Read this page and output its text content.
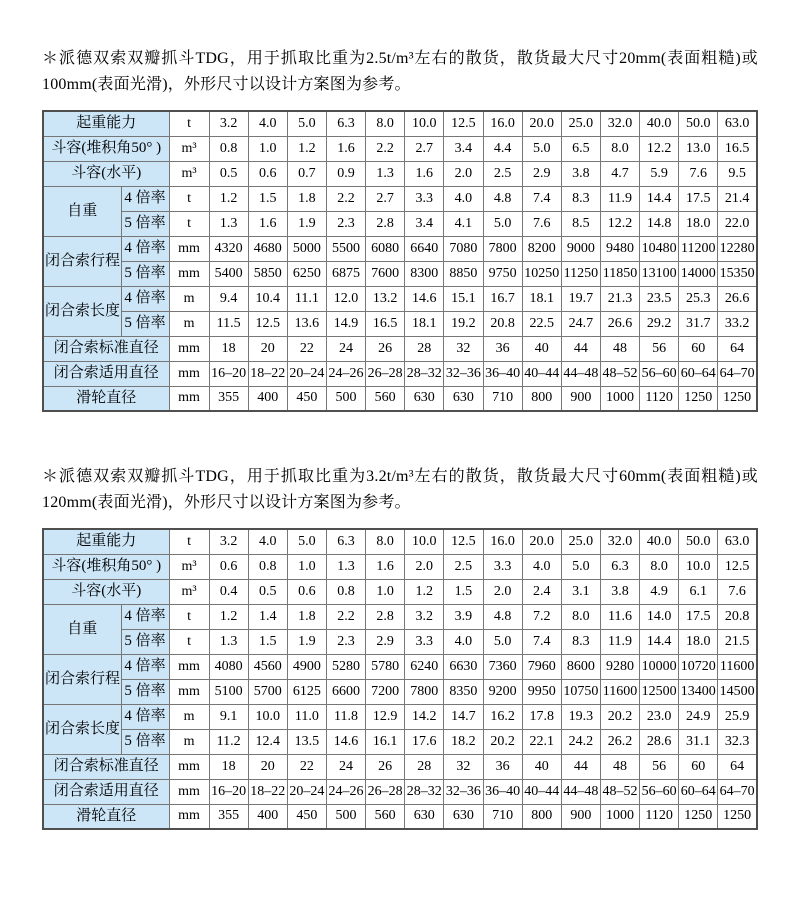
＊派德双索双瓣抓斗TDG，用于抓取比重为2.5t/m³左右的散货，散货最大尺寸20mm(表面粗糙)或100mm(表面光滑)，外形尺寸以设计方案图为参考。

起重能力		t	3.2	4.0	5.0	6.3	8.0	10.0	12.5	16.0	20.0	25.0	32.0	40.0	50.0	63.0
斗容(堆积角50° )		m³	0.8	1.0	1.2	1.6	2.2	2.7	3.4	4.4	5.0	6.5	8.0	12.2	13.0	16.5
斗容(水平)		m³	0.5	0.6	0.7	0.9	1.3	1.6	2.0	2.5	2.9	3.8	4.7	5.9	7.6	9.5
自重	4 倍率	t	1.2	1.5	1.8	2.2	2.7	3.3	4.0	4.8	7.4	8.3	11.9	14.4	17.5	21.4
	5 倍率	t	1.3	1.6	1.9	2.3	2.8	3.4	4.1	5.0	7.6	8.5	12.2	14.8	18.0	22.0
闭合索行程	4 倍率	mm	4320	4680	5000	5500	6080	6640	7080	7800	8200	9000	9480	10480	11200	12280
	5 倍率	mm	5400	5850	6250	6875	7600	8300	8850	9750	10250	11250	11850	13100	14000	15350
闭合索长度	4 倍率	m	9.4	10.4	11.1	12.0	13.2	14.6	15.1	16.7	18.1	19.7	21.3	23.5	25.3	26.6
	5 倍率	m	11.5	12.5	13.6	14.9	16.5	18.1	19.2	20.8	22.5	24.7	26.6	29.2	31.7	33.2
闭合索标准直径		mm	18	20	22	24	26	28	32	36	40	44	48	56	60	64
闭合索适用直径		mm	16–20	18–22	20–24	24–26	26–28	28–32	32–36	36–40	40–44	44–48	48–52	56–60	60–64	64–70
滑轮直径		mm	355	400	450	500	560	630	630	710	800	900	1000	1120	1250	1250

＊派德双索双瓣抓斗TDG，用于抓取比重为3.2t/m³左右的散货，散货最大尺寸60mm(表面粗糙)或120mm(表面光滑)，外形尺寸以设计方案图为参考。

起重能力		t	3.2	4.0	5.0	6.3	8.0	10.0	12.5	16.0	20.0	25.0	32.0	40.0	50.0	63.0
斗容(堆积角50° )		m³	0.6	0.8	1.0	1.3	1.6	2.0	2.5	3.3	4.0	5.0	6.3	8.0	10.0	12.5
斗容(水平)		m³	0.4	0.5	0.6	0.8	1.0	1.2	1.5	2.0	2.4	3.1	3.8	4.9	6.1	7.6
自重	4 倍率	t	1.2	1.4	1.8	2.2	2.8	3.2	3.9	4.8	7.2	8.0	11.6	14.0	17.5	20.8
	5 倍率	t	1.3	1.5	1.9	2.3	2.9	3.3	4.0	5.0	7.4	8.3	11.9	14.4	18.0	21.5
闭合索行程	4 倍率	mm	4080	4560	4900	5280	5780	6240	6630	7360	7960	8600	9280	10000	10720	11600
	5 倍率	mm	5100	5700	6125	6600	7200	7800	8350	9200	9950	10750	11600	12500	13400	14500
闭合索长度	4 倍率	m	9.1	10.0	11.0	11.8	12.9	14.2	14.7	16.2	17.8	19.3	20.2	23.0	24.9	25.9
	5 倍率	m	11.2	12.4	13.5	14.6	16.1	17.6	18.2	20.2	22.1	24.2	26.2	28.6	31.1	32.3
闭合索标准直径		mm	18	20	22	24	26	28	32	36	40	44	48	56	60	64
闭合索适用直径		mm	16–20	18–22	20–24	24–26	26–28	28–32	32–36	36–40	40–44	44–48	48–52	56–60	60–64	64–70
滑轮直径		mm	355	400	450	500	560	630	630	710	800	900	1000	1120	1250	1250
